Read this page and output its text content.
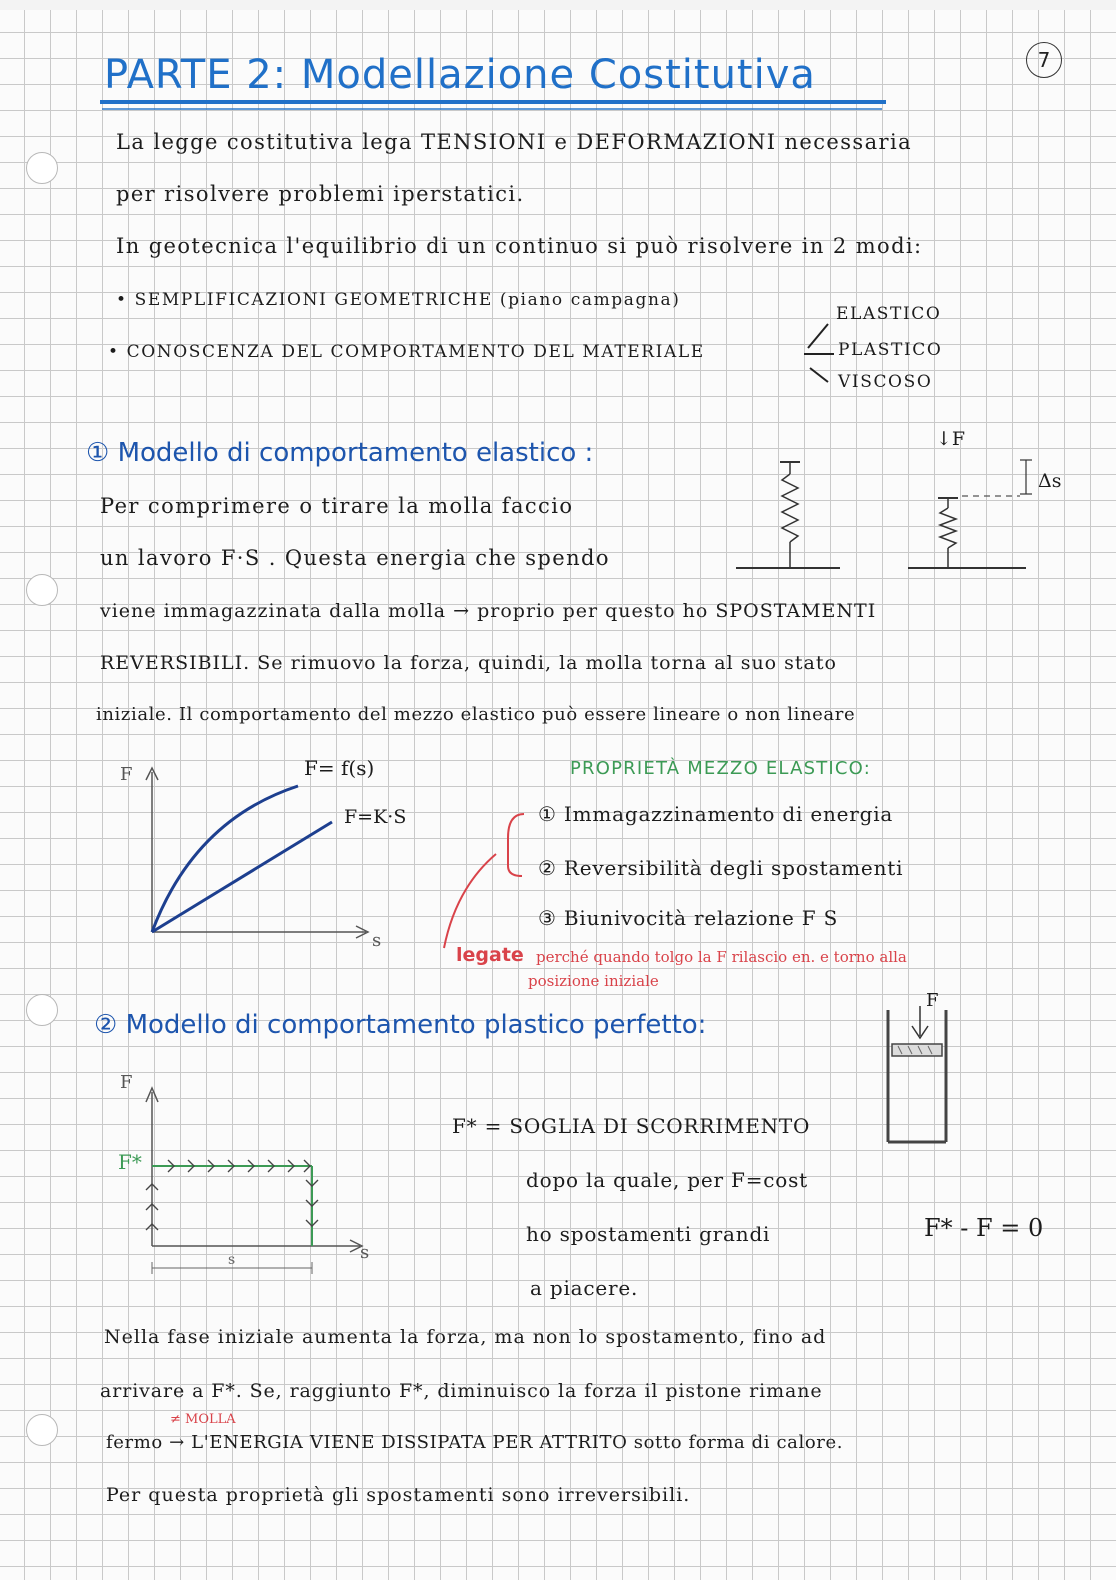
PARTE 2: Modellazione Costitutiva	7
La legge costitutiva lega TENSIONI e DEFORMAZIONI necessaria
per risolvere problemi iperstatici.
In geotecnica l'equilibrio di un continuo si può risolvere in 2 modi:
• SEMPLIFICAZIONI GEOMETRICHE (piano campagna)
• CONOSCENZA DEL COMPORTAMENTO DEL MATERIALE
ELASTICO
PLASTICO
VISCOSO
① Modello di comportamento elastico :
Per comprimere o tirare la molla faccio
un lavoro F·S . Questa energia che spendo
viene immagazzinata dalla molla → proprio per questo ho SPOSTAMENTI
REVERSIBILI. Se rimuovo la forza, quindi, la molla torna al suo stato
iniziale. Il comportamento del mezzo elastico può essere lineare o non lineare
↓F
Δs
F
s
F= f(s)
F=K·S
PROPRIETÀ MEZZO ELASTICO:
① Immagazzinamento di energia
② Reversibilità degli spostamenti
③ Biunivocità relazione F S
legate perché quando tolgo la F rilascio en. e torno alla
posizione iniziale
② Modello di comportamento plastico perfetto:
F
F
s
F*
s
F* = SOGLIA DI SCORRIMENTO
dopo la quale, per F=cost
ho spostamenti grandi
a piacere.
F* - F = 0
Nella fase iniziale aumenta la forza, ma non lo spostamento, fino ad
arrivare a F*. Se, raggiunto F*, diminuisco la forza il pistone rimane
≠ MOLLA
fermo → L'ENERGIA VIENE DISSIPATA PER ATTRITO sotto forma di calore.
Per questa proprietà gli spostamenti sono irreversibili.
